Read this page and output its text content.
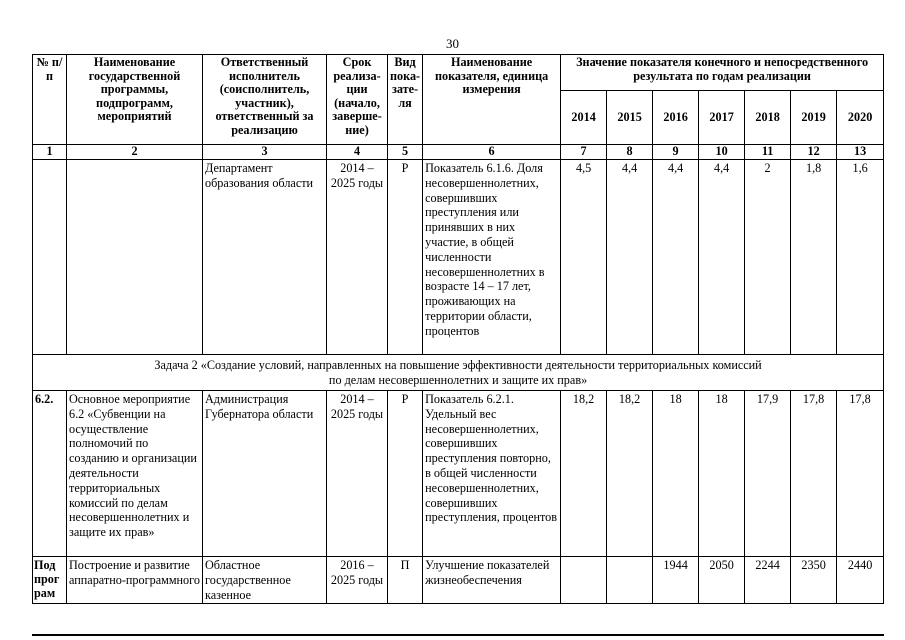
30
№ п/п	Наименование государственной программы, подпрограмм, мероприятий	Ответственный исполнитель (соисполнитель, участник), ответственный за реализацию	Срок реализа-ции (начало, заверше-ние)	Вид пока-зате-ля	Наименование показателя, единица измерения	Значение показателя конечного и непосредственного результата по годам реализации						
						2014	2015	2016	2017	2018	2019	2020
1	2	3	4	5	6	7	8	9	10	11	12	13
		Департамент образования области	2014 – 2025 годы	Р	Показатель 6.1.6. Доля несовершеннолетних, совершивших преступления или принявших в них участие, в общей численности несовершеннолетних в возрасте 14 – 17 лет, проживающих на территории области, процентов	4,5	4,4	4,4	4,4	2	1,8	1,6

Задача 2 «Создание условий, направленных на повышение эффективности деятельности территориальных комиссий
по делам несовершеннолетних и защите их прав»												

6.2.	Основное мероприятие 6.2 «Субвенции на осуществление полномочий по созданию и организации деятельности территориальных комиссий по делам несовершеннолетних и защите их прав»	Администрация Губернатора области	2014 – 2025 годы	Р	Показатель 6.2.1. Удельный вес несовершеннолетних, совершивших преступления повторно, в общей численности несовершеннолетних, совершивших преступления, процентов	18,2	18,2	18	18	17,9	17,8	17,8
Под прог рам	Построение и развитие аппаратно-программного	Областное государственное казенное	2016 – 2025 годы	П	Улучшение показателей жизнеобеспечения			1944	2050	2244	2350	2440
